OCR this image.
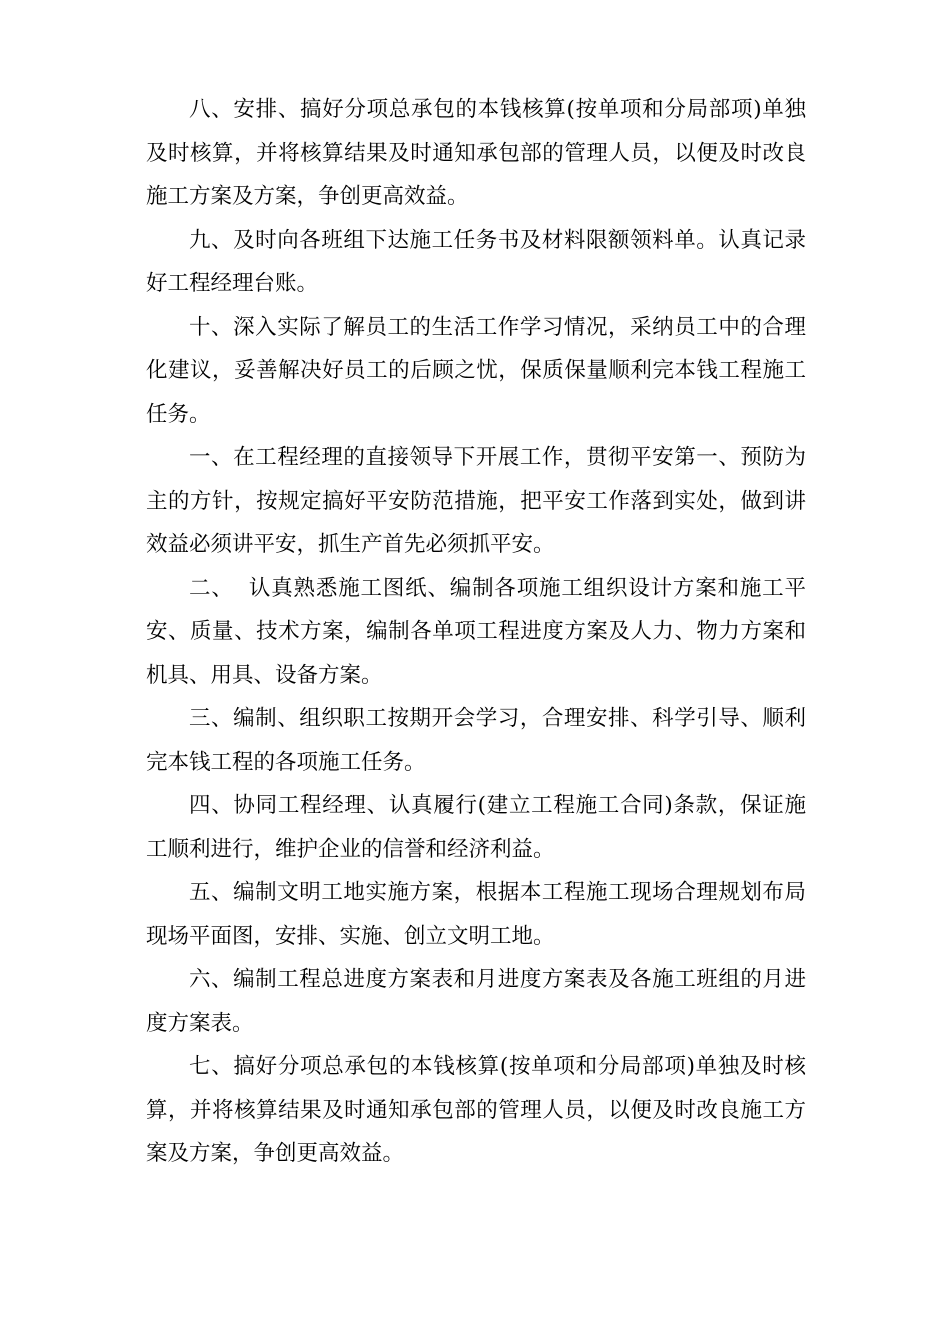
八、安排、搞好分项总承包的本钱核算(按单项和分局部项)单独及时核算，并将核算结果及时通知承包部的管理人员，以便及时改良施工方案及方案，争创更高效益。

九、及时向各班组下达施工任务书及材料限额领料单。认真记录好工程经理台账。

十、深入实际了解员工的生活工作学习情况，采纳员工中的合理化建议，妥善解决好员工的后顾之忧，保质保量顺利完本钱工程施工任务。

一、在工程经理的直接领导下开展工作，贯彻平安第一、预防为主的方针，按规定搞好平安防范措施，把平安工作落到实处，做到讲效益必须讲平安，抓生产首先必须抓平安。

二、  认真熟悉施工图纸、编制各项施工组织设计方案和施工平安、质量、技术方案，编制各单项工程进度方案及人力、物力方案和机具、用具、设备方案。

三、编制、组织职工按期开会学习，合理安排、科学引导、顺利完本钱工程的各项施工任务。

四、协同工程经理、认真履行(建立工程施工合同)条款，保证施工顺利进行，维护企业的信誉和经济利益。

五、编制文明工地实施方案，根据本工程施工现场合理规划布局现场平面图，安排、实施、创立文明工地。

六、编制工程总进度方案表和月进度方案表及各施工班组的月进度方案表。

七、搞好分项总承包的本钱核算(按单项和分局部项)单独及时核算，并将核算结果及时通知承包部的管理人员，以便及时改良施工方案及方案，争创更高效益。
